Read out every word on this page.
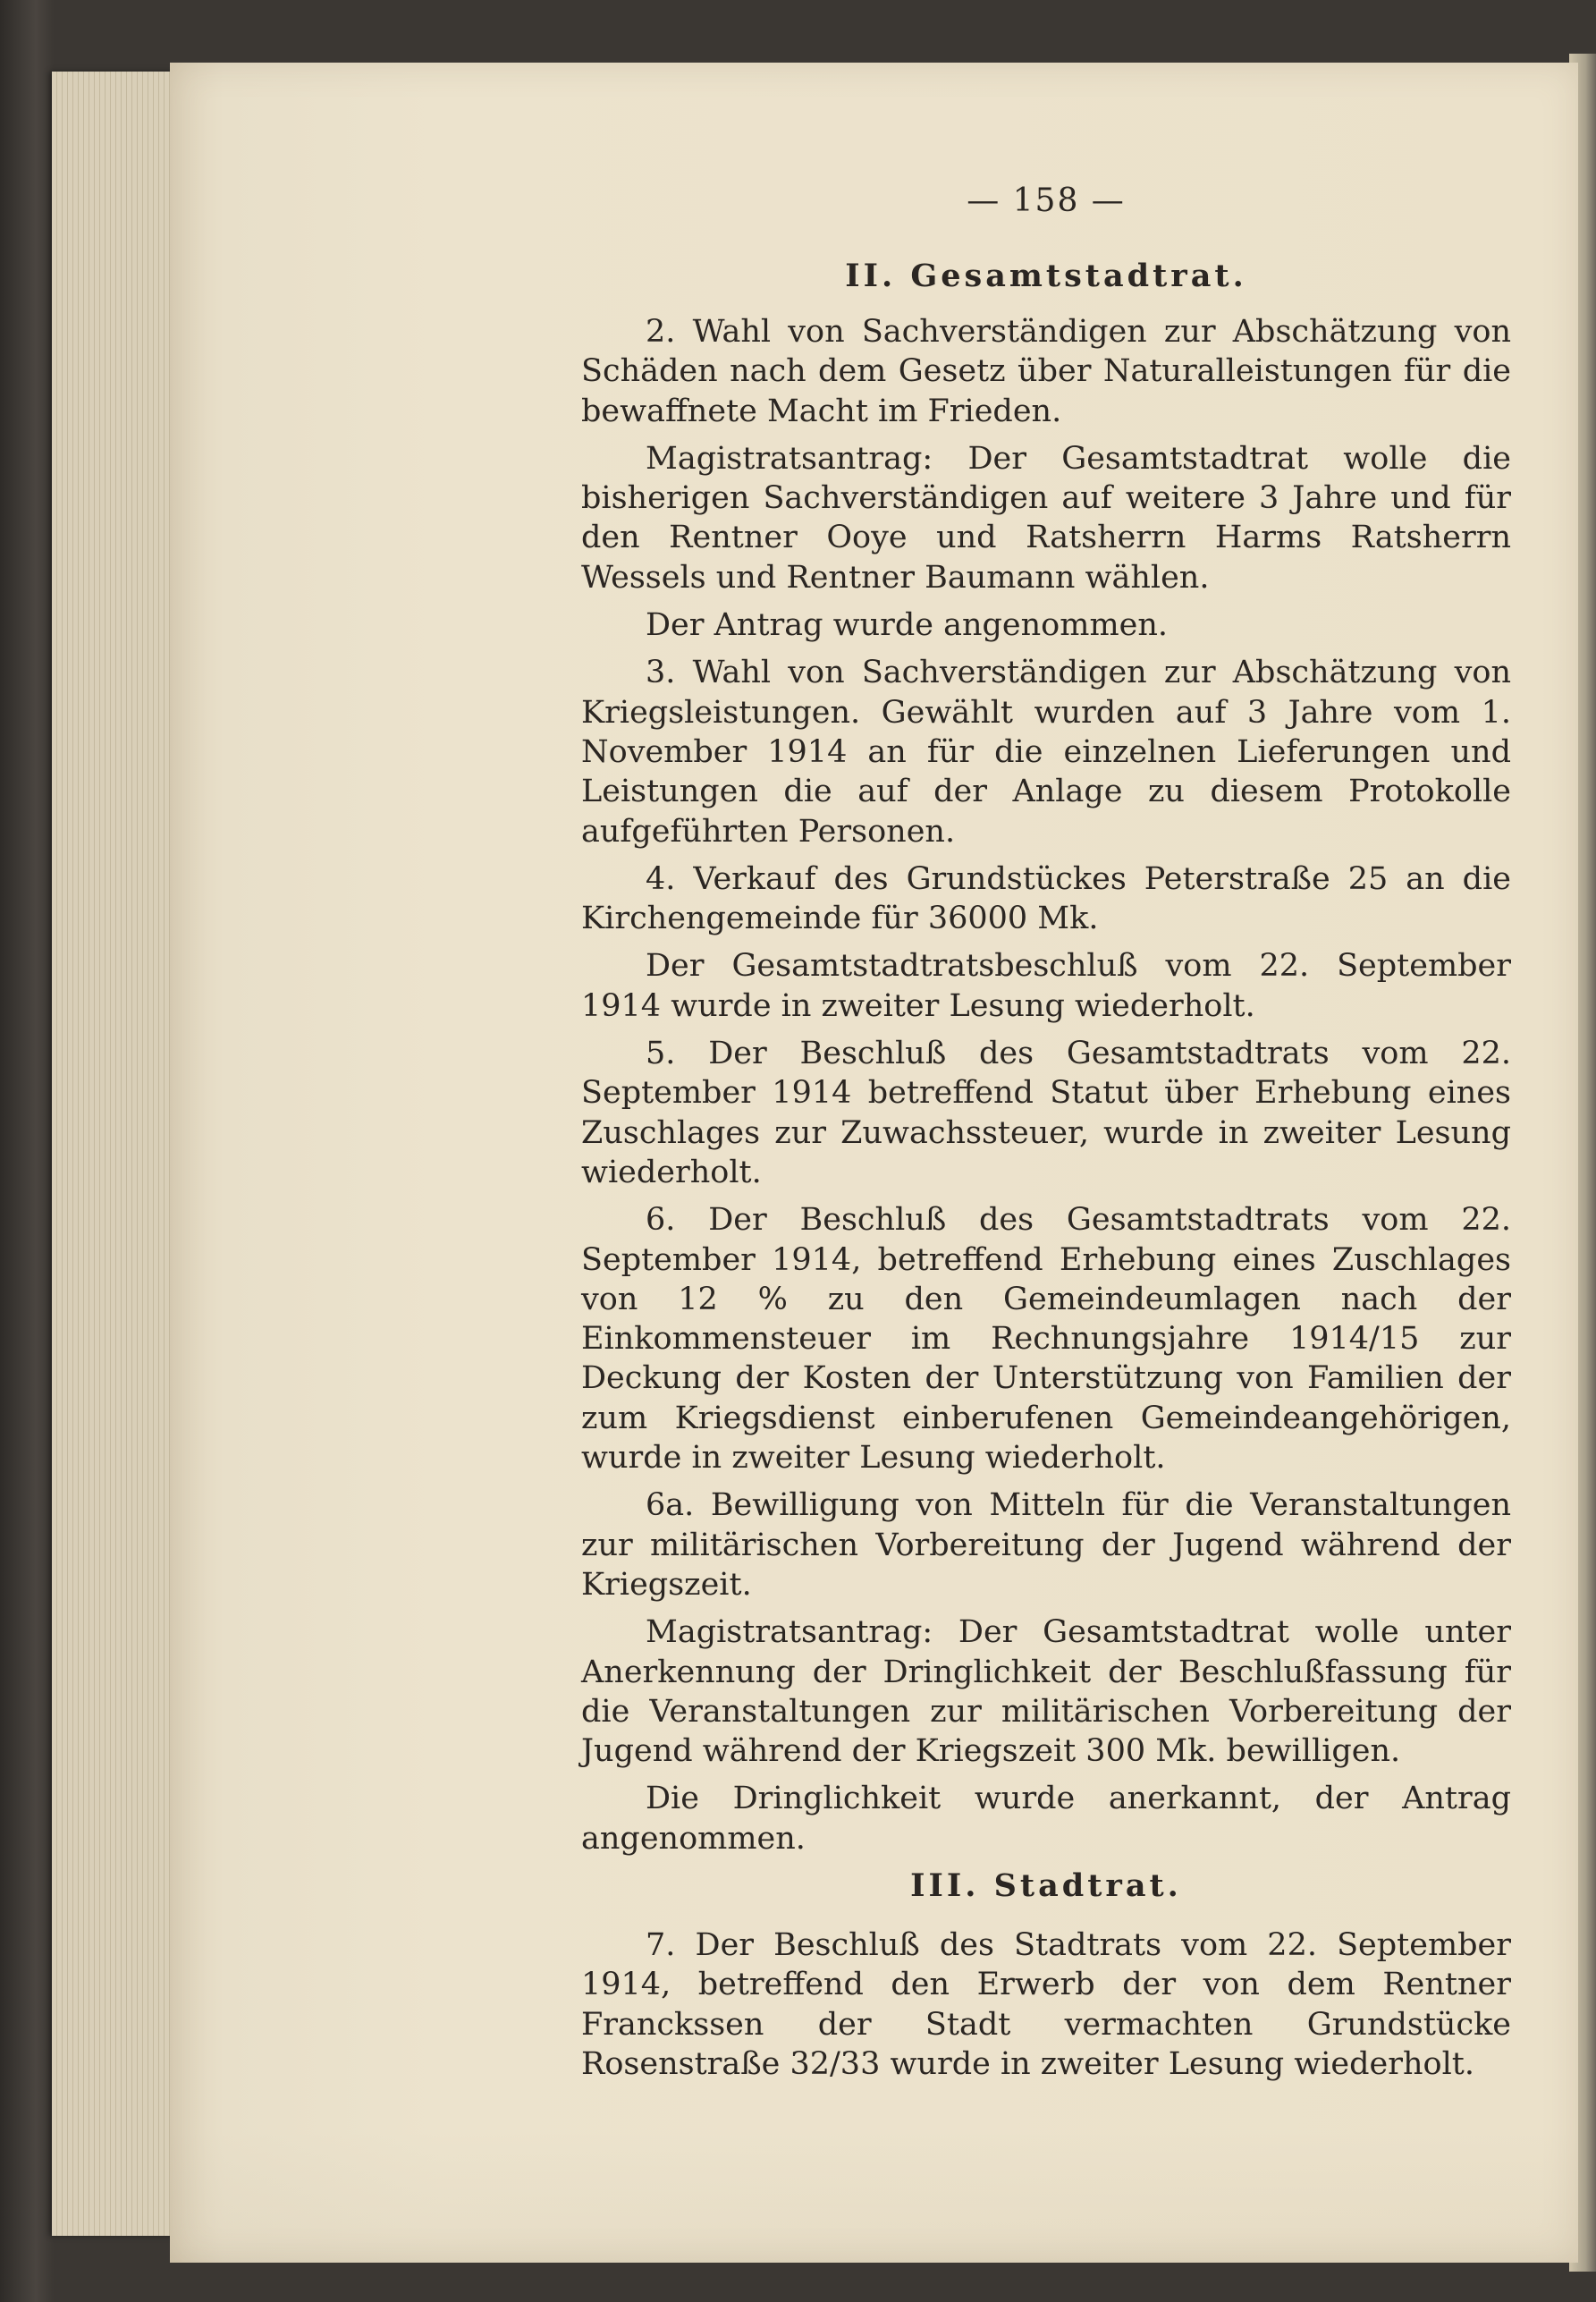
— 158 —
II. Gesamtstadtrat.

2. Wahl von Sachverständigen zur Abschätzung von Schäden nach dem Gesetz über Naturalleistungen für die bewaffnete Macht im Frieden.

Magistratsantrag: Der Gesamtstadtrat wolle die bisherigen Sachverständigen auf weitere 3 Jahre und für den Rentner Ooye und Ratsherrn Harms Ratsherrn Wessels und Rentner Baumann wählen.

Der Antrag wurde angenommen.

3. Wahl von Sachverständigen zur Abschätzung von Kriegsleistungen. Gewählt wurden auf 3 Jahre vom 1. November 1914 an für die einzelnen Lieferungen und Leistungen die auf der Anlage zu diesem Protokolle aufgeführten Personen.

4. Verkauf des Grundstückes Peterstraße 25 an die Kirchengemeinde für 36000 Mk.

Der Gesamtstadtratsbeschluß vom 22. September 1914 wurde in zweiter Lesung wiederholt.

5. Der Beschluß des Gesamtstadtrats vom 22. September 1914 betreffend Statut über Erhebung eines Zuschlages zur Zuwachssteuer, wurde in zweiter Lesung wiederholt.

6. Der Beschluß des Gesamtstadtrats vom 22. September 1914, betreffend Erhebung eines Zuschlages von 12 % zu den Gemeindeumlagen nach der Einkommensteuer im Rechnungsjahre 1914/15 zur Deckung der Kosten der Unterstützung von Familien der zum Kriegsdienst einberufenen Gemeindeangehörigen, wurde in zweiter Lesung wiederholt.

6a. Bewilligung von Mitteln für die Veranstaltungen zur militärischen Vorbereitung der Jugend während der Kriegszeit.

Magistratsantrag: Der Gesamtstadtrat wolle unter Anerkennung der Dringlichkeit der Beschlußfassung für die Veranstaltungen zur militärischen Vorbereitung der Jugend während der Kriegszeit 300 Mk. bewilligen.

Die Dringlichkeit wurde anerkannt, der Antrag angenommen.

III. Stadtrat.

7. Der Beschluß des Stadtrats vom 22. September 1914, betreffend den Erwerb der von dem Rentner Franckssen der Stadt vermachten Grundstücke Rosenstraße 32/33 wurde in zweiter Lesung wiederholt.
